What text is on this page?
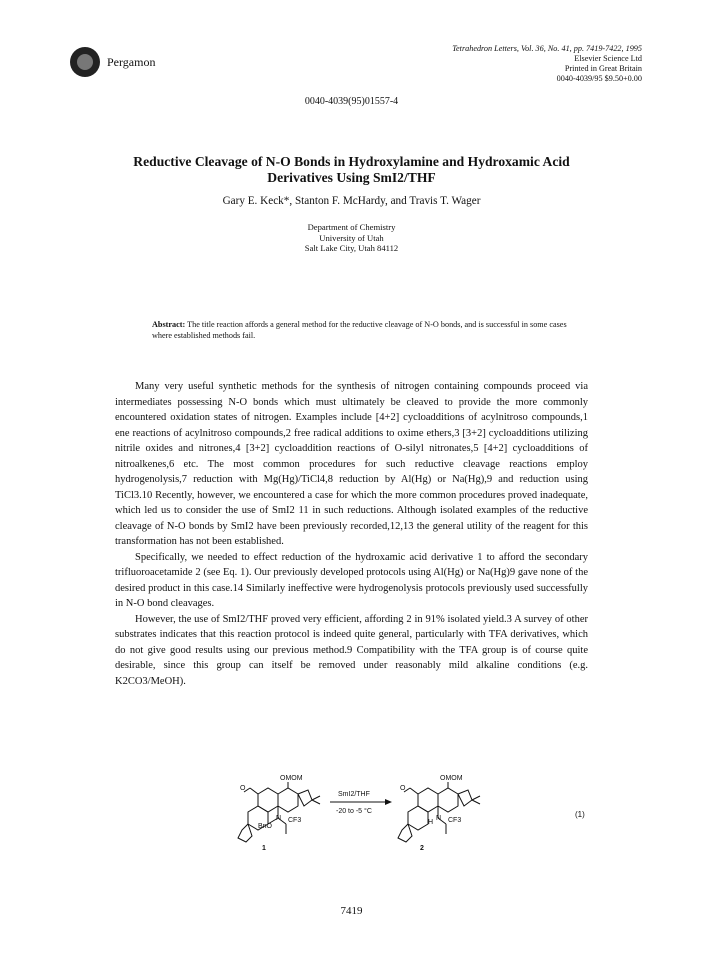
Pergamon
Tetrahedron Letters, Vol. 36, No. 41, pp. 7419-7422, 1995
Elsevier Science Ltd
Printed in Great Britain
0040-4039/95 $9.50+0.00
0040-4039(95)01557-4
Reductive Cleavage of N-O Bonds in Hydroxylamine and Hydroxamic Acid
Derivatives Using SmI2/THF
Gary E. Keck*, Stanton F. McHardy, and Travis T. Wager
Department of Chemistry
University of Utah
Salt Lake City, Utah 84112
Abstract: The title reaction affords a general method for the reductive cleavage of N-O bonds, and is successful in some cases where established methods fail.

Many very useful synthetic methods for the synthesis of nitrogen containing compounds proceed via intermediates possessing N-O bonds which must ultimately be cleaved to provide the more commonly encountered oxidation states of nitrogen. Examples include [4+2] cycloadditions of acylnitroso compounds,1 ene reactions of acylnitroso compounds,2 free radical additions to oxime ethers,3 [3+2] cycloadditions utilizing nitrile oxides and nitrones,4 [3+2] cycloaddition reactions of O-silyl nitronates,5 [4+2] cycloadditions of nitroalkenes,6 etc. The most common procedures for such reductive cleavage reactions employ hydrogenolysis,7 reduction with Mg(Hg)/TiCl4,8 reduction by Al(Hg) or Na(Hg),9 and reduction using TiCl3.10 Recently, however, we encountered a case for which the more common procedures proved inadequate, which led us to consider the use of SmI2 11 in such reductions. Although isolated examples of the reductive cleavage of N-O bonds by SmI2 have been previously recorded,12,13 the general utility of the reagent for this transformation has not been established.

Specifically, we needed to effect reduction of the hydroxamic acid derivative 1 to afford the secondary trifluoroacetamide 2 (see Eq. 1). Our previously developed protocols using Al(Hg) or Na(Hg)9 gave none of the desired product in this case.14 Similarly ineffective were hydrogenolysis protocols previously used successfully in N-O bond cleavages.

However, the use of SmI2/THF proved very efficient, affording 2 in 91% isolated yield.3 A survey of other substrates indicates that this reaction protocol is indeed quite general, particularly with TFA derivatives, which do not give good results using our previous method.9 Compatibility with the TFA group is of course quite desirable, since this group can itself be removed under reasonably mild alkaline conditions (e.g. K2CO3/MeOH).

OMOM
O
N CF3
BnO
1
SmI2/THF
-20 to -5 °C
OMOM
O
N CF3
H
2
(1)
7419
